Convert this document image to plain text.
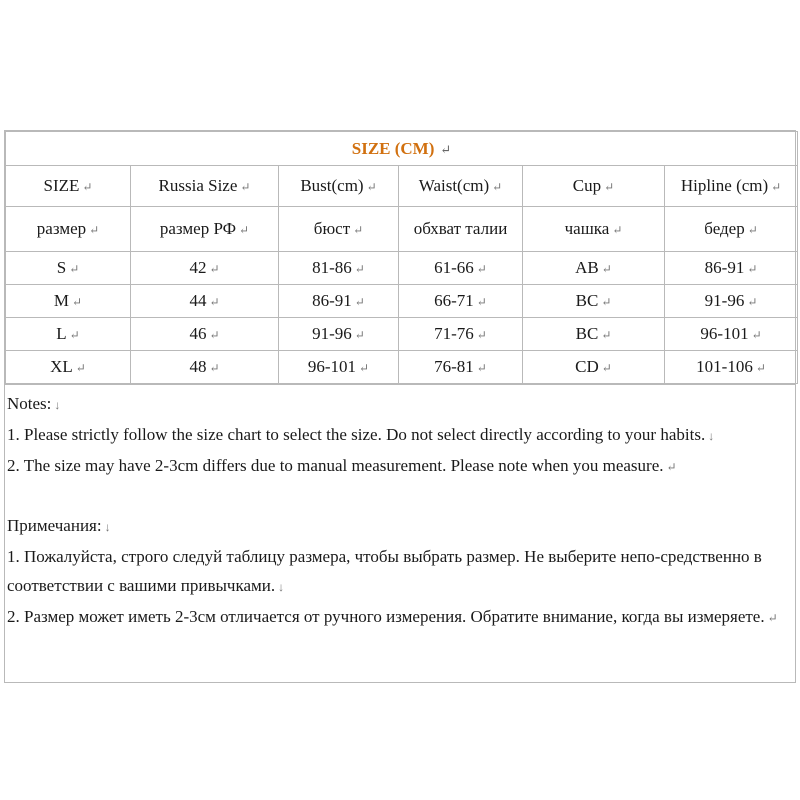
SIZE (CM) ↵					
SIZE ↵	Russia Size ↵	Bust(cm) ↵	Waist(cm) ↵	Cup ↵	Hipline (cm) ↵
размер ↵	размер РФ ↵	бюст ↵	обхват талии	чашка ↵	бедер ↵
S ↵	42 ↵	81-86 ↵	61-66 ↵	AB ↵	86-91 ↵
M ↵	44 ↵	86-91 ↵	66-71 ↵	BC ↵	91-96 ↵
L ↵	46 ↵	91-96 ↵	71-76 ↵	BC ↵	96-101 ↵
XL ↵	48 ↵	96-101 ↵	76-81 ↵	CD ↵	101-106 ↵

Notes: ↓

1. Please strictly follow the size chart to select the size. Do not select directly according to your habits. ↓

2. The size may have 2-3cm differs due to manual measurement. Please note when you measure. ↵

Примечания: ↓

1. Пожалуйста, строго следуй таблицу размера, чтобы выбрать размер. Не выберите непо-средственно в соответствии с вашими привычками. ↓

2. Размер может иметь 2-3см отличается от ручного измерения. Обратите внимание, когда вы измеряете. ↵
